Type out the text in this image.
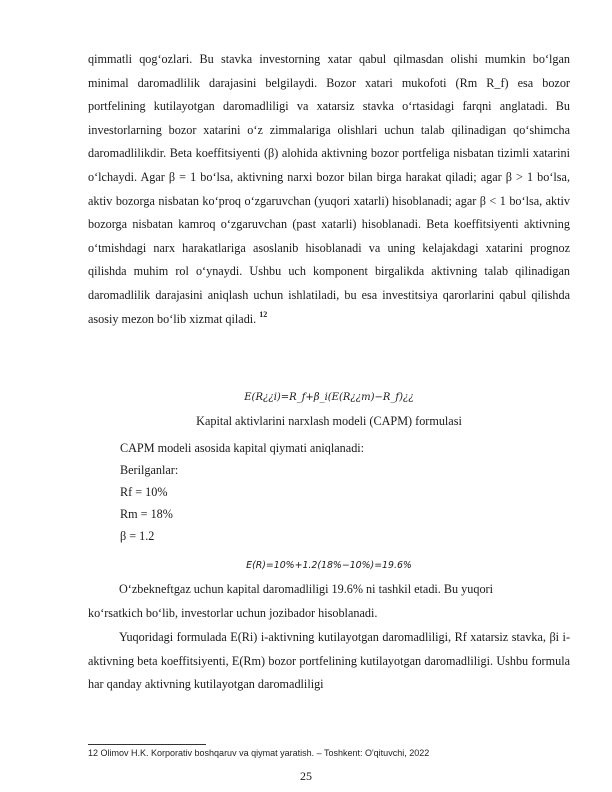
qimmatli qog‘ozlari. Bu stavka investorning xatar qabul qilmasdan olishi mumkin bo‘lgan minimal daromadlilik darajasini belgilaydi. Bozor xatari mukofoti (Rm R_f) esa bozor portfelining kutilayotgan daromadliligi va xatarsiz stavka o‘rtasidagi farqni anglatadi. Bu investorlarning bozor xatarini o‘z zimmalariga olishlari uchun talab qilinadigan qo‘shimcha daromadlilikdir. Beta koeffitsiyenti (β) alohida aktivning bozor portfeliga nisbatan tizimli xatarini o‘lchaydi. Agar β = 1 bo‘lsa, aktivning narxi bozor bilan birga harakat qiladi; agar β > 1 bo‘lsa, aktiv bozorga nisbatan ko‘proq o‘zgaruvchan (yuqori xatarli) hisoblanadi; agar β < 1 bo‘lsa, aktiv bozorga nisbatan kamroq o‘zgaruvchan (past xatarli) hisoblanadi. Beta koeffitsiyenti aktivning o‘tmishdagi narx harakatlariga asoslanib hisoblanadi va uning kelajakdagi xatarini prognoz qilishda muhim rol o‘ynaydi. Ushbu uch komponent birgalikda aktivning talab qilinadigan daromadlilik darajasini aniqlash uchun ishlatiladi, bu esa investitsiya qarorlarini qabul qilishda asosiy mezon bo‘lib xizmat qiladi. $^{12}$

E(R¿¿i)=R_f+β_i(E(R¿¿m)−R_f)¿¿
Kapital aktivlarini narxlash modeli (CAPM) formulasi
CAPM modeli asosida kapital qiymati aniqlanadi:
Berilganlar:
Rf = 10%
Rm = 18%
β = 1.2
E(R)=10%+1.2(18%−10%)=19.6%
O‘zbekneftgaz uchun kapital daromadliligi 19.6% ni tashkil etadi. Bu yuqori
ko‘rsatkich bo‘lib, investorlar uchun jozibador hisoblanadi.

Yuqoridagi formulada E(Ri) i-aktivning kutilayotgan daromadliligi, Rf xatarsiz stavka, βi i-aktivning beta koeffitsiyenti, E(Rm) bozor portfelining kutilayotgan daromadliligi. Ushbu formula har qanday aktivning kutilayotgan daromadliligi

12 Olimov H.K. Korporativ boshqaruv va qiymat yaratish. – Toshkent: O'qituvchi, 2022
25
